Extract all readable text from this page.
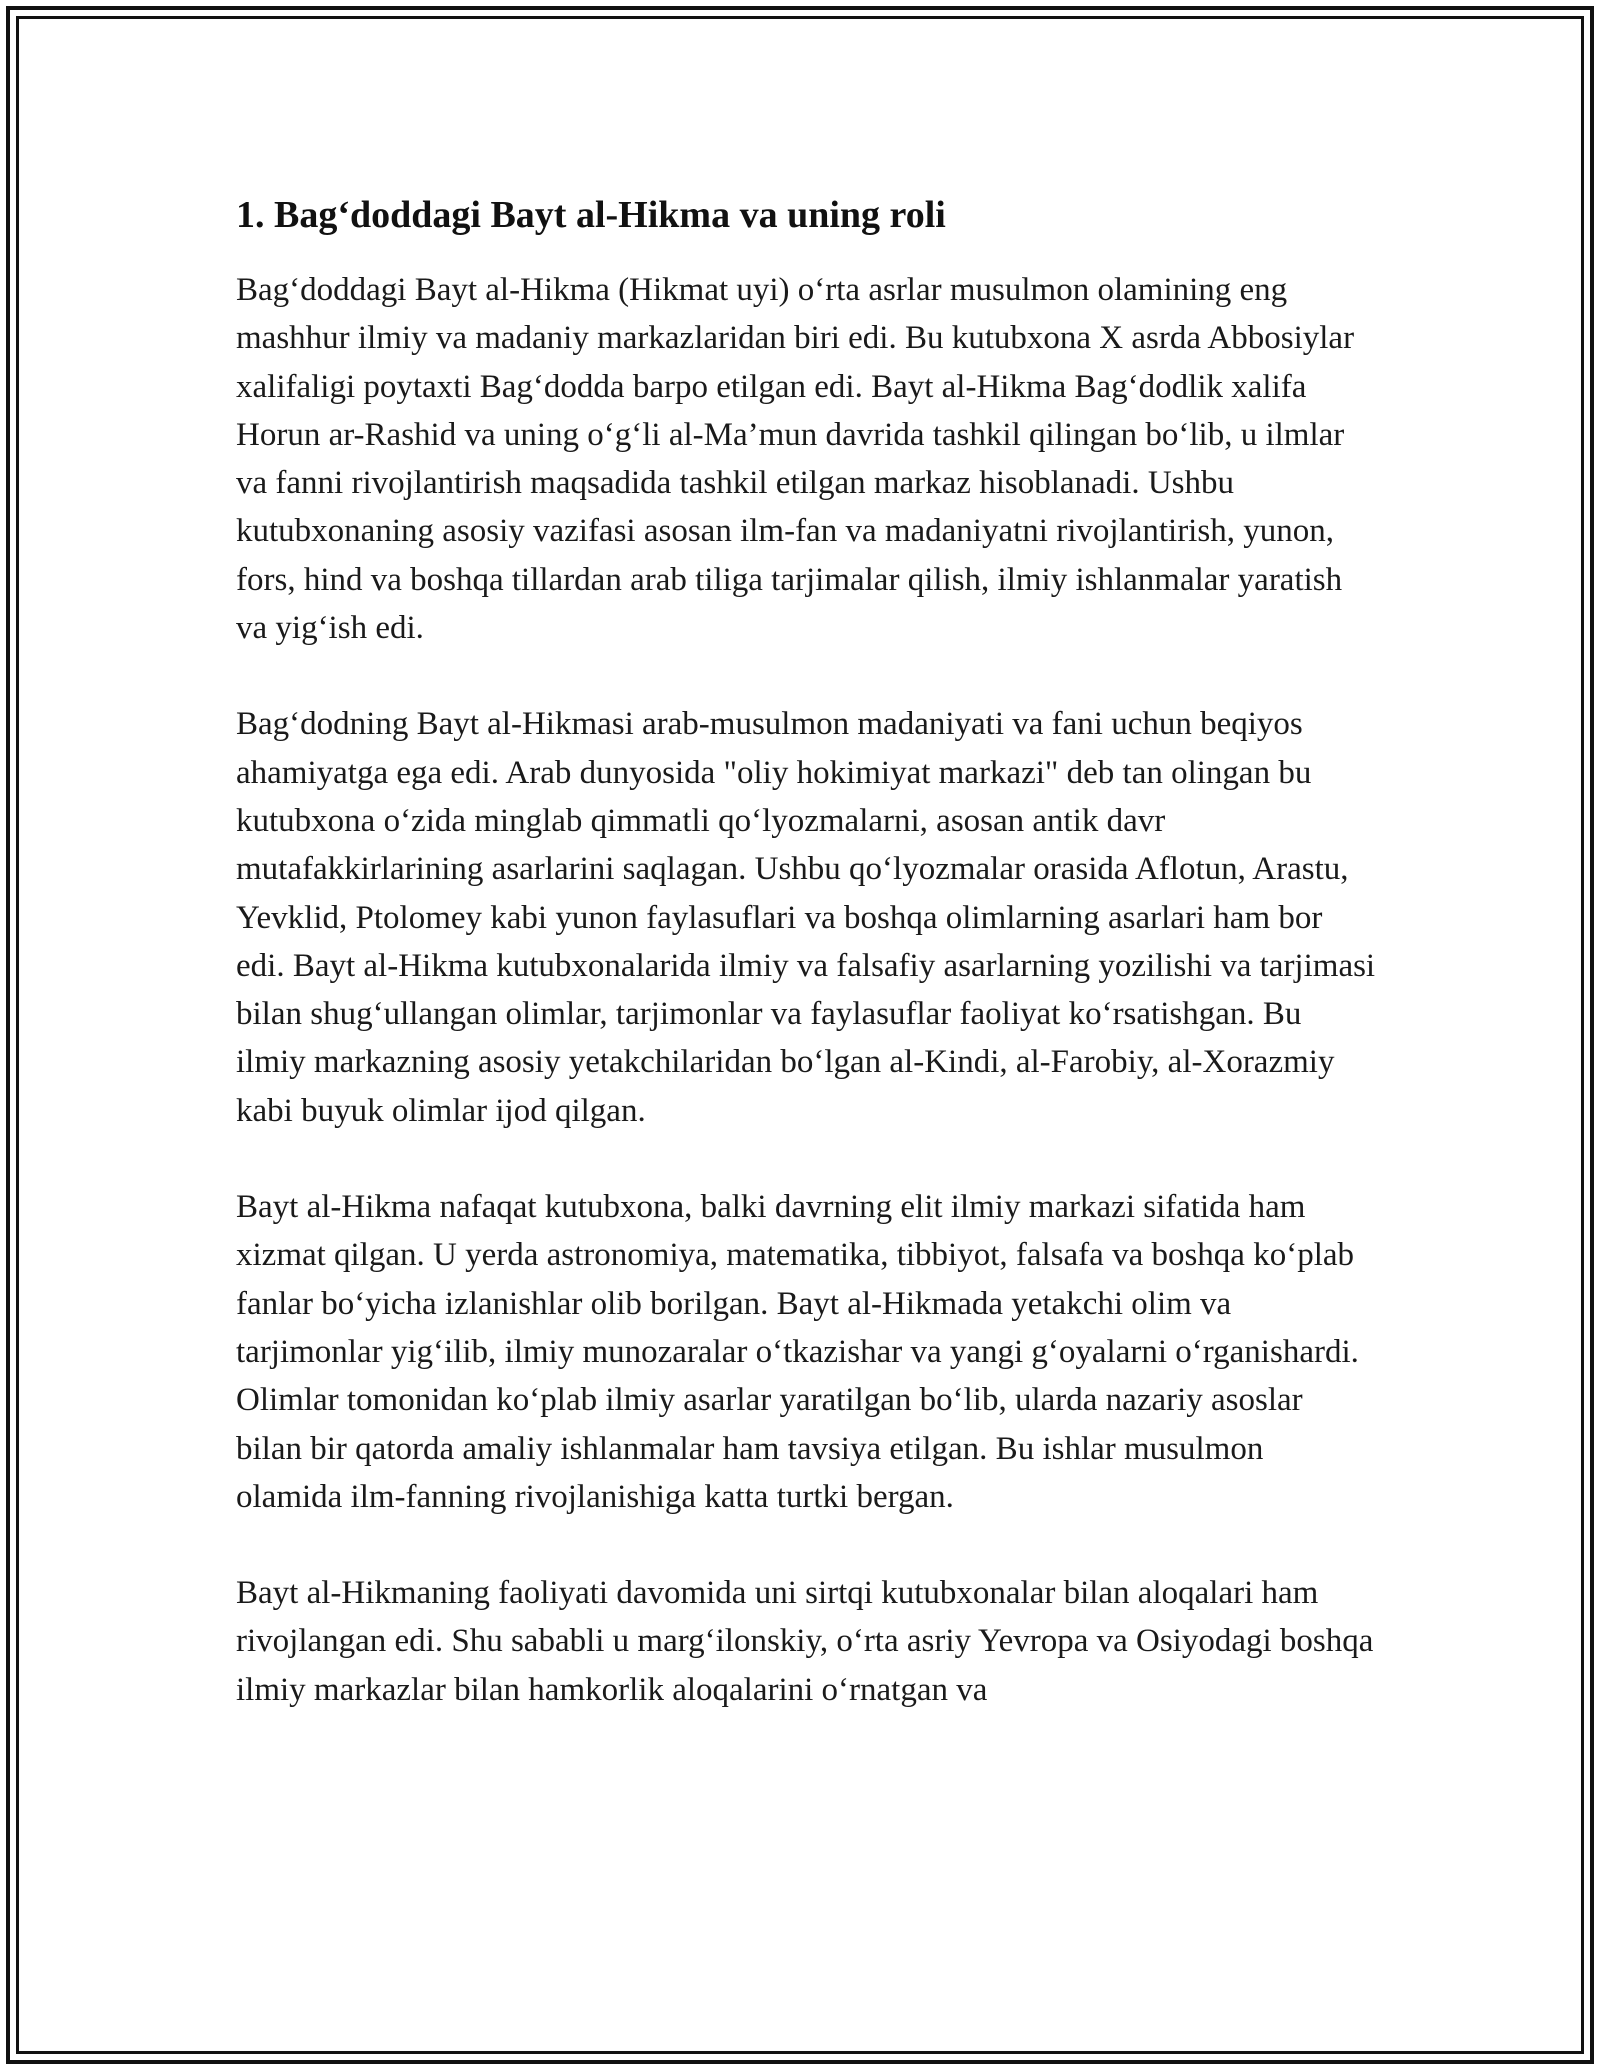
1. Bag‘doddagi Bayt al-Hikma va uning roli

Bag‘doddagi Bayt al-Hikma (Hikmat uyi) o‘rta asrlar musulmon olamining eng mashhur ilmiy va madaniy markazlaridan biri edi. Bu kutubxona X asrda Abbosiylar xalifaligi poytaxti Bag‘dodda barpo etilgan edi. Bayt al-Hikma Bag‘dodlik xalifa Horun ar-Rashid va uning o‘g‘li al-Ma’mun davrida tashkil qilingan bo‘lib, u ilmlar va fanni rivojlantirish maqsadida tashkil etilgan markaz hisoblanadi. Ushbu kutubxonaning asosiy vazifasi asosan ilm-fan va madaniyatni rivojlantirish, yunon, fors, hind va boshqa tillardan arab tiliga tarjimalar qilish, ilmiy ishlanmalar yaratish va yig‘ish edi.

Bag‘dodning Bayt al-Hikmasi arab-musulmon madaniyati va fani uchun beqiyos ahamiyatga ega edi. Arab dunyosida "oliy hokimiyat markazi" deb tan olingan bu kutubxona o‘zida minglab qimmatli qo‘lyozmalarni, asosan antik davr mutafakkirlarining asarlarini saqlagan. Ushbu qo‘lyozmalar orasida Aflotun, Arastu, Yevklid, Ptolomey kabi yunon faylasuflari va boshqa olimlarning asarlari ham bor edi. Bayt al-Hikma kutubxonalarida ilmiy va falsafiy asarlarning yozilishi va tarjimasi bilan shug‘ullangan olimlar, tarjimonlar va faylasuflar faoliyat ko‘rsatishgan. Bu ilmiy markazning asosiy yetakchilaridan bo‘lgan al-Kindi, al-Farobiy, al-Xorazmiy kabi buyuk olimlar ijod qilgan.

Bayt al-Hikma nafaqat kutubxona, balki davrning elit ilmiy markazi sifatida ham xizmat qilgan. U yerda astronomiya, matematika, tibbiyot, falsafa va boshqa ko‘plab fanlar bo‘yicha izlanishlar olib borilgan. Bayt al-Hikmada yetakchi olim va tarjimonlar yig‘ilib, ilmiy munozaralar o‘tkazishar va yangi g‘oyalarni o‘rganishardi. Olimlar tomonidan ko‘plab ilmiy asarlar yaratilgan bo‘lib, ularda nazariy asoslar bilan bir qatorda amaliy ishlanmalar ham tavsiya etilgan. Bu ishlar musulmon olamida ilm-fanning rivojlanishiga katta turtki bergan.

Bayt al-Hikmaning faoliyati davomida uni sirtqi kutubxonalar bilan aloqalari ham rivojlangan edi. Shu sababli u marg‘ilonskiy, o‘rta asriy Yevropa va Osiyodagi boshqa ilmiy markazlar bilan hamkorlik aloqalarini o‘rnatgan va
